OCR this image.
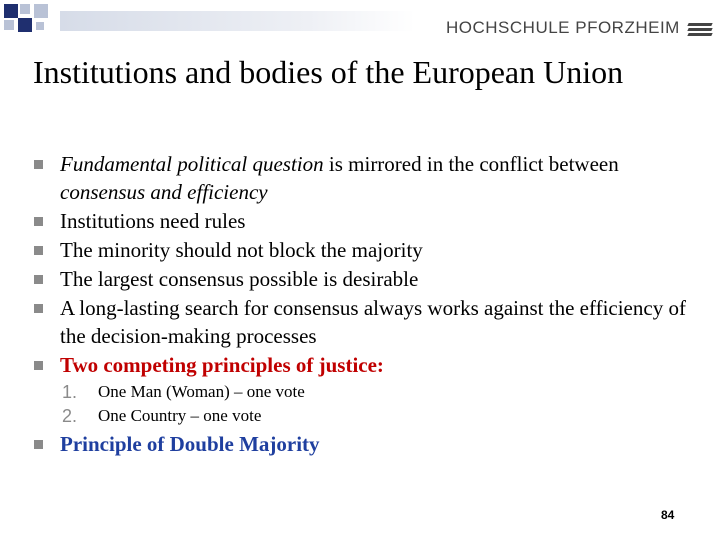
HOCHSCHULE PFORZHEIM
Institutions and bodies of the European Union
Fundamental political question is mirrored in the conflict between consensus and efficiency
Institutions need rules
The minority should not block the majority
The largest consensus possible is desirable
A long-lasting search for consensus always works against the efficiency of the decision-making processes
Two competing principles of justice:
1. One Man (Woman) – one vote
2. One Country – one vote
Principle of Double Majority
84
